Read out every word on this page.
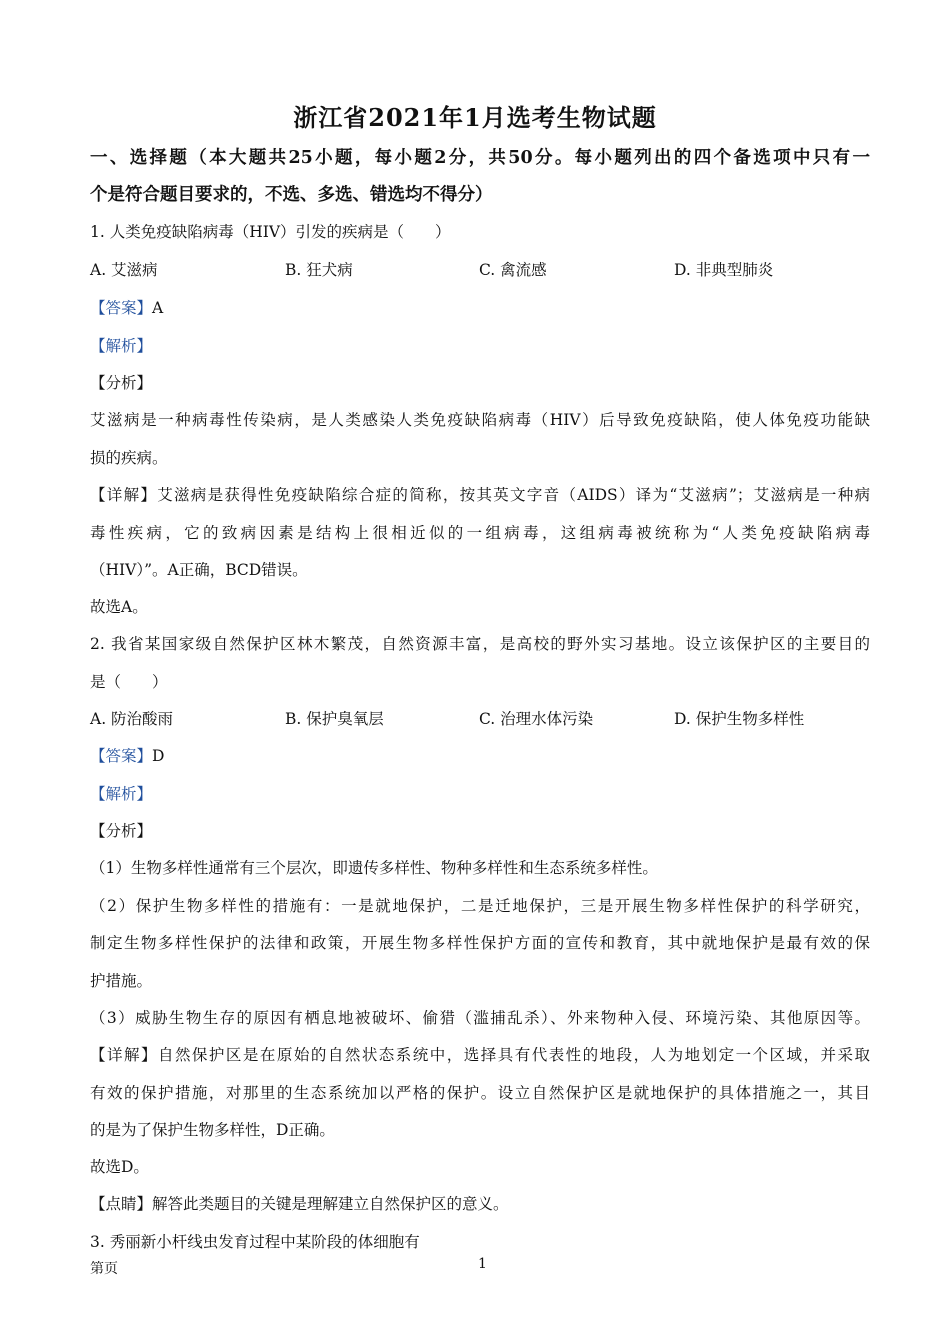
浙江省2021年1月选考生物试题
一、选择题（本大题共25小题，每小题2分，共50分。每小题列出的四个备选项中只有一
个是符合题目要求的，不选、多选、错选均不得分）
1. 人类免疫缺陷病毒（HIV）引发的疾病是（　　）
A. 艾滋病	B. 狂犬病	C. 禽流感	D. 非典型肺炎
【答案】A
【解析】
【分析】
艾滋病是一种病毒性传染病，是人类感染人类免疫缺陷病毒（HIV）后导致免疫缺陷，使人体免疫功能缺
损的疾病。
【详解】艾滋病是获得性免疫缺陷综合症的简称，按其英文字音（AIDS）译为“艾滋病”；艾滋病是一种病
毒性疾病，它的致病因素是结构上很相近似的一组病毒，这组病毒被统称为“人类免疫缺陷病毒
（HIV）”。A正确，BCD错误。
故选A。
2. 我省某国家级自然保护区林木繁茂，自然资源丰富，是高校的野外实习基地。设立该保护区的主要目的
是（　　）
A. 防治酸雨	B. 保护臭氧层	C. 治理水体污染	D. 保护生物多样性
【答案】D
【解析】
【分析】
（1）生物多样性通常有三个层次，即遗传多样性、物种多样性和生态系统多样性。
（2）保护生物多样性的措施有：一是就地保护，二是迁地保护，三是开展生物多样性保护的科学研究，
制定生物多样性保护的法律和政策，开展生物多样性保护方面的宣传和教育，其中就地保护是最有效的保
护措施。
（3）威胁生物生存的原因有栖息地被破坏、偷猎（滥捕乱杀）、外来物种入侵、环境污染、其他原因等。
【详解】自然保护区是在原始的自然状态系统中，选择具有代表性的地段，人为地划定一个区域，并采取
有效的保护措施，对那里的生态系统加以严格的保护。设立自然保护区是就地保护的具体措施之一，其目
的是为了保护生物多样性，D正确。
故选D。
【点睛】解答此类题目的关键是理解建立自然保护区的意义。
3. 秀丽新小杆线虫发育过程中某阶段的体细胞有
第页	1
